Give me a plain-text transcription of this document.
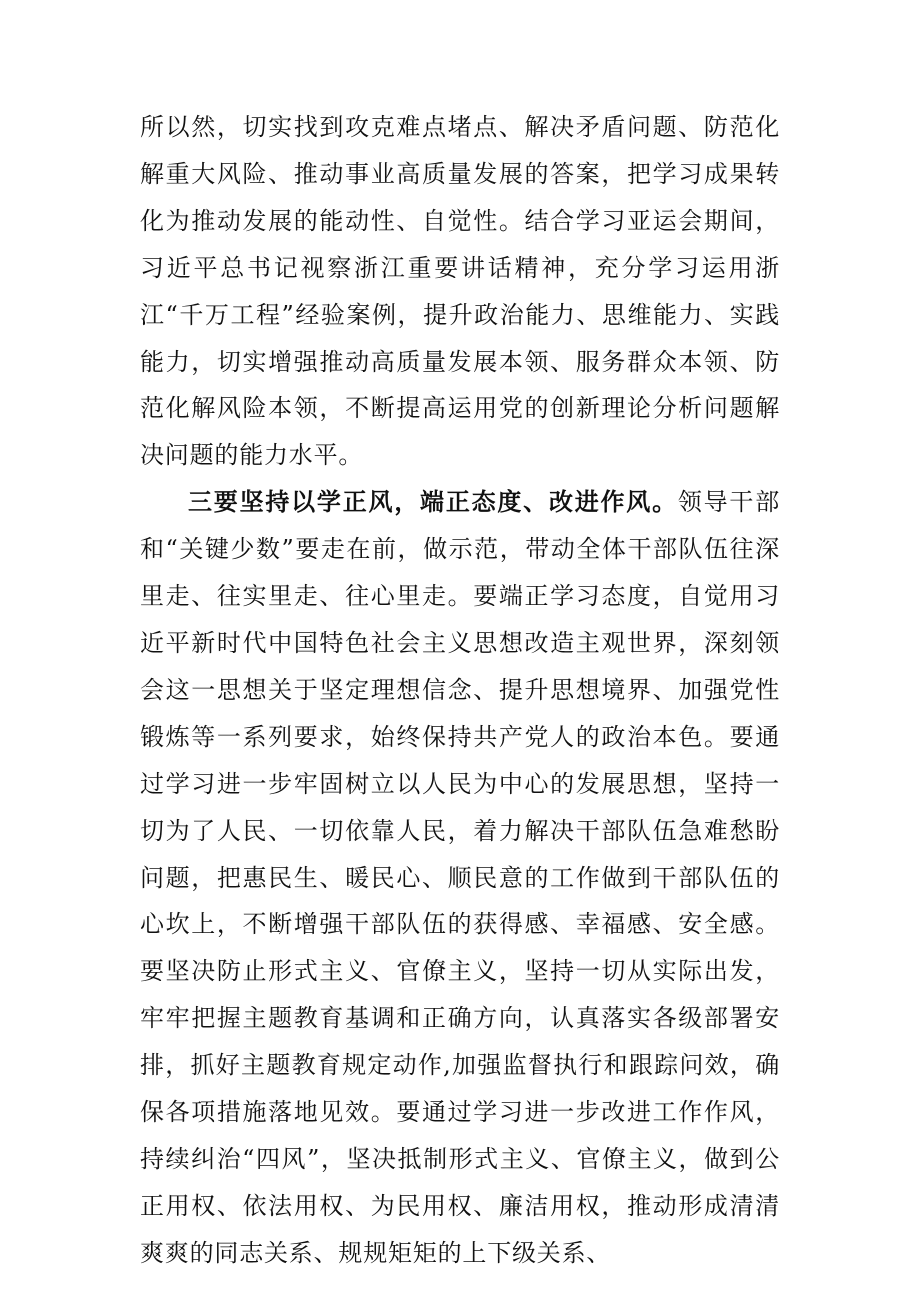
所以然，切实找到攻克难点堵点、解决矛盾问题、防范化解重大风险、推动事业高质量发展的答案，把学习成果转化为推动发展的能动性、自觉性。结合学习亚运会期间，习近平总书记视察浙江重要讲话精神，充分学习运用浙江“千万工程”经验案例，提升政治能力、思维能力、实践能力，切实增强推动高质量发展本领、服务群众本领、防范化解风险本领，不断提高运用党的创新理论分析问题解决问题的能力水平。

三要坚持以学正风，端正态度、改进作风。领导干部和“关键少数”要走在前，做示范，带动全体干部队伍往深里走、往实里走、往心里走。要端正学习态度，自觉用习近平新时代中国特色社会主义思想改造主观世界，深刻领会这一思想关于坚定理想信念、提升思想境界、加强党性锻炼等一系列要求，始终保持共产党人的政治本色。要通过学习进一步牢固树立以人民为中心的发展思想，坚持一切为了人民、一切依靠人民，着力解决干部队伍急难愁盼问题，把惠民生、暖民心、顺民意的工作做到干部队伍的心坎上，不断增强干部队伍的获得感、幸福感、安全感。要坚决防止形式主义、官僚主义，坚持一切从实际出发，牢牢把握主题教育基调和正确方向，认真落实各级部署安排，抓好主题教育规定动作,加强监督执行和跟踪问效，确保各项措施落地见效。要通过学习进一步改进工作作风，持续纠治“四风”，坚决抵制形式主义、官僚主义，做到公正用权、依法用权、为民用权、廉洁用权，推动形成清清爽爽的同志关系、规规矩矩的上下级关系、
